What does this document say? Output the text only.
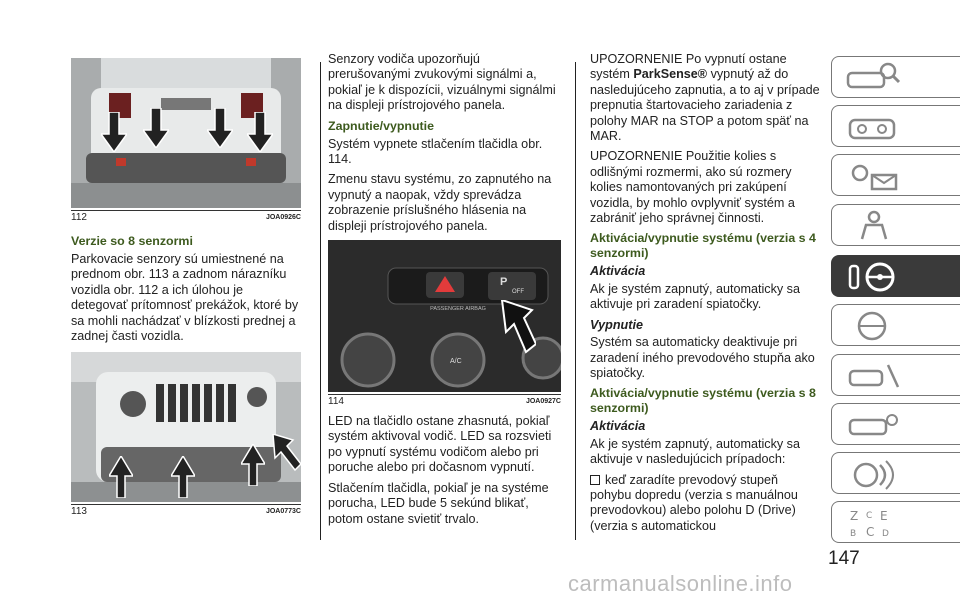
112	JOA0926C
Verzie so 8 senzormi

Parkovacie senzory sú umiestnené na prednom obr. 113 a zadnom nárazníku vozidla obr. 112 a ich úlohou je detegovať prítomnosť prekážok, ktoré by sa mohli nachádzať v blízkosti prednej a zadnej časti vozidla.

113	JOA0773C

Senzory vodiča upozorňujú prerušovanými zvukovými signálmi a, pokiaľ je k dispozícii, vizuálnymi signálmi na displeji prístrojového panela.

Zapnutie/vypnutie

Systém vypnete stlačením tlačidla obr. 114.

Zmenu stavu systému, zo zapnutého na vypnutý a naopak, vždy sprevádza zobrazenie príslušného hlásenia na displeji prístrojového panela.

P
OFF
PASSENGER AIRBAG
A/C
114	JOA0927C

LED na tlačidlo ostane zhasnutá, pokiaľ systém aktivoval vodič. LED sa rozsvieti po vypnutí systému vodičom alebo pri poruche alebo pri dočasnom vypnutí.

Stlačením tlačidla, pokiaľ je na systéme porucha, LED bude 5 sekúnd blikať, potom ostane svietiť trvalo.

UPOZORNENIE Po vypnutí ostane systém ParkSense® vypnutý až do nasledujúceho zapnutia, a to aj v prípade prepnutia štartovacieho zariadenia z polohy MAR na STOP a potom späť na MAR.

UPOZORNENIE Použitie kolies s odlišnými rozmermi, ako sú rozmery kolies namontovaných pri zakúpení vozidla, by mohlo ovplyvniť systém a zabrániť jeho správnej činnosti.

Aktivácia/vypnutie systému (verzia s 4 senzormi)
Aktivácia

Ak je systém zapnutý, automaticky sa aktivuje pri zaradení spiatočky.

Vypnutie

Systém sa automaticky deaktivuje pri zaradení iného prevodového stupňa ako spiatočky.

Aktivácia/vypnutie systému (verzia s 8 senzormi)
Aktivácia

Ak je systém zapnutý, automaticky sa aktivuje v nasledujúcich prípadoch:

keď zaradíte prevodový stupeň pohybu dopredu (verzia s manuálnou prevodovkou) alebo polohu D (Drive) (verzia s automatickou

Z C E
B C D
147
carmanualsonline.info
